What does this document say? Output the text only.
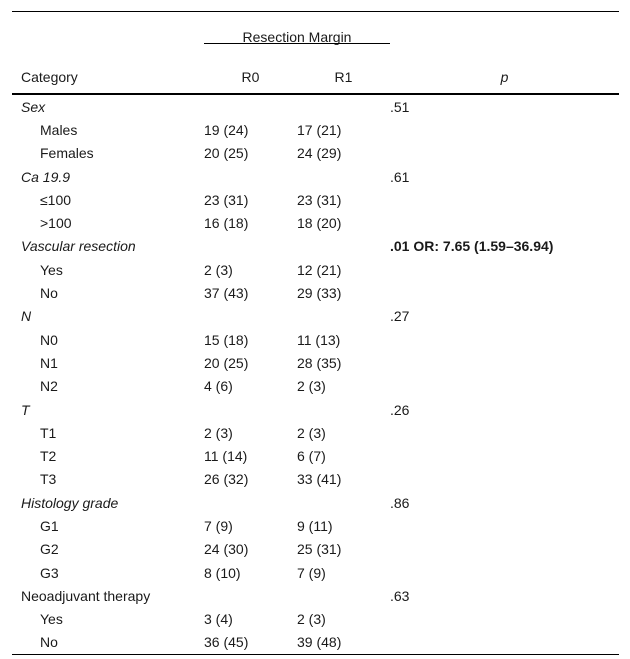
	Resection Margin		

Category	R0	R1	p
Sex			.51
Males	19 (24)	17 (21)	
Females	20 (25)	24 (29)	
Ca 19.9			.61
≤100	23 (31)	23 (31)	
>100	16 (18)	18 (20)	
Vascular resection			.01 OR: 7.65 (1.59–36.94)
Yes	2 (3)	12 (21)	
No	37 (43)	29 (33)	
N			.27
N0	15 (18)	11 (13)	
N1	20 (25)	28 (35)	
N2	4 (6)	2 (3)	
T			.26
T1	2 (3)	2 (3)	
T2	11 (14)	6 (7)	
T3	26 (32)	33 (41)	
Histology grade			.86
G1	7 (9)	9 (11)	
G2	24 (30)	25 (31)	
G3	8 (10)	7 (9)	
Neoadjuvant therapy			.63
Yes	3 (4)	2 (3)	
No	36 (45)	39 (48)	
